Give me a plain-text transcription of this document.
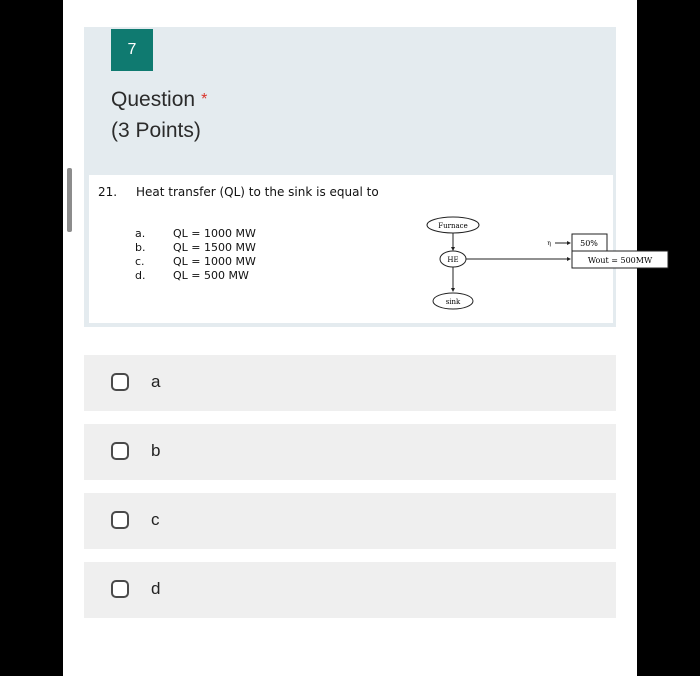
7
Question *
(3 Points)
21. Heat transfer (QL) to the sink is equal to
a.	QL = 1000 MW
b.	QL = 1500 MW
c.	QL = 1000 MW
d.	QL = 500 MW
Furnace
HE
sink
η	50%
Wout = 500MW
a
b
c
d
